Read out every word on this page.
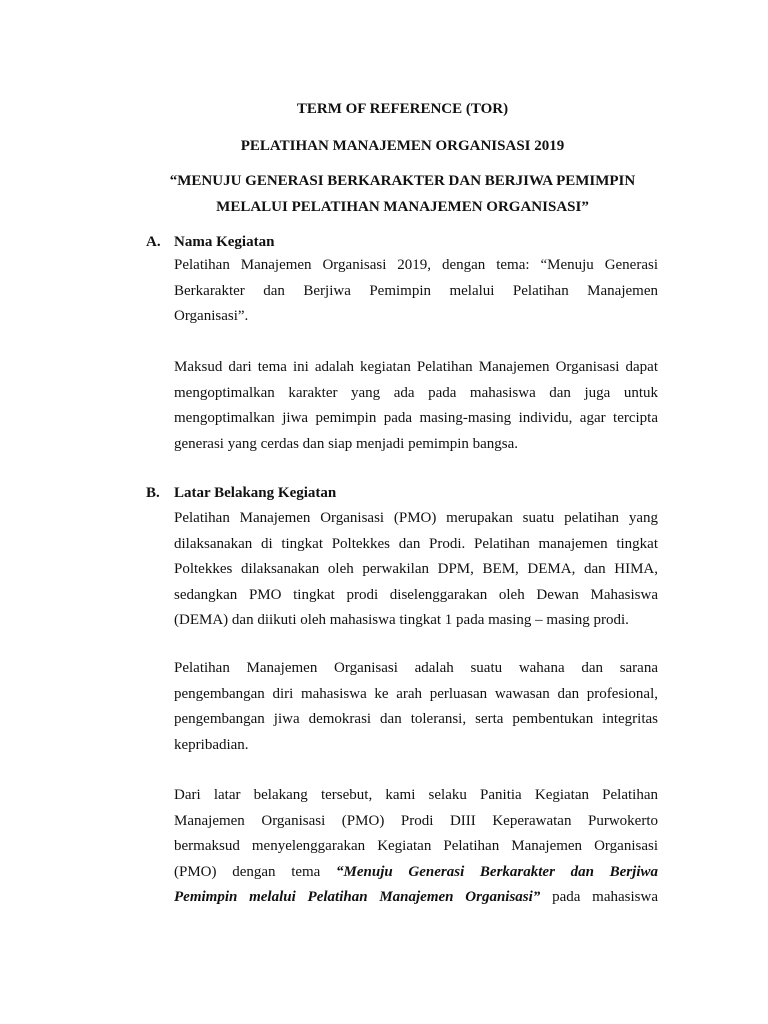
TERM OF REFERENCE (TOR)
PELATIHAN MANAJEMEN ORGANISASI 2019
“MENUJU GENERASI BERKARAKTER DAN BERJIWA PEMIMPIN
MELALUI PELATIHAN MANAJEMEN ORGANISASI”
A. Nama Kegiatan
Pelatihan Manajemen Organisasi 2019, dengan tema: “Menuju Generasi
Berkarakter dan Berjiwa Pemimpin melalui Pelatihan Manajemen
Organisasi”.
Maksud dari tema ini adalah kegiatan Pelatihan Manajemen Organisasi dapat
mengoptimalkan karakter yang ada pada mahasiswa dan juga untuk
mengoptimalkan jiwa pemimpin pada masing-masing individu, agar tercipta
generasi yang cerdas dan siap menjadi pemimpin bangsa.
B. Latar Belakang Kegiatan
Pelatihan Manajemen Organisasi (PMO) merupakan suatu pelatihan yang
dilaksanakan di tingkat Poltekkes dan Prodi. Pelatihan manajemen tingkat
Poltekkes dilaksanakan oleh perwakilan DPM, BEM, DEMA, dan HIMA,
sedangkan PMO tingkat prodi diselenggarakan oleh Dewan Mahasiswa
(DEMA) dan diikuti oleh mahasiswa tingkat 1 pada masing – masing prodi.
Pelatihan Manajemen Organisasi adalah suatu wahana dan sarana
pengembangan diri mahasiswa ke arah perluasan wawasan dan profesional,
pengembangan jiwa demokrasi dan toleransi, serta pembentukan integritas
kepribadian.
Dari latar belakang tersebut, kami selaku Panitia Kegiatan Pelatihan
Manajemen Organisasi (PMO) Prodi DIII Keperawatan Purwokerto
bermaksud menyelenggarakan Kegiatan Pelatihan Manajemen Organisasi
(PMO) dengan tema “Menuju Generasi Berkarakter dan Berjiwa
Pemimpin melalui Pelatihan Manajemen Organisasi” pada mahasiswa
